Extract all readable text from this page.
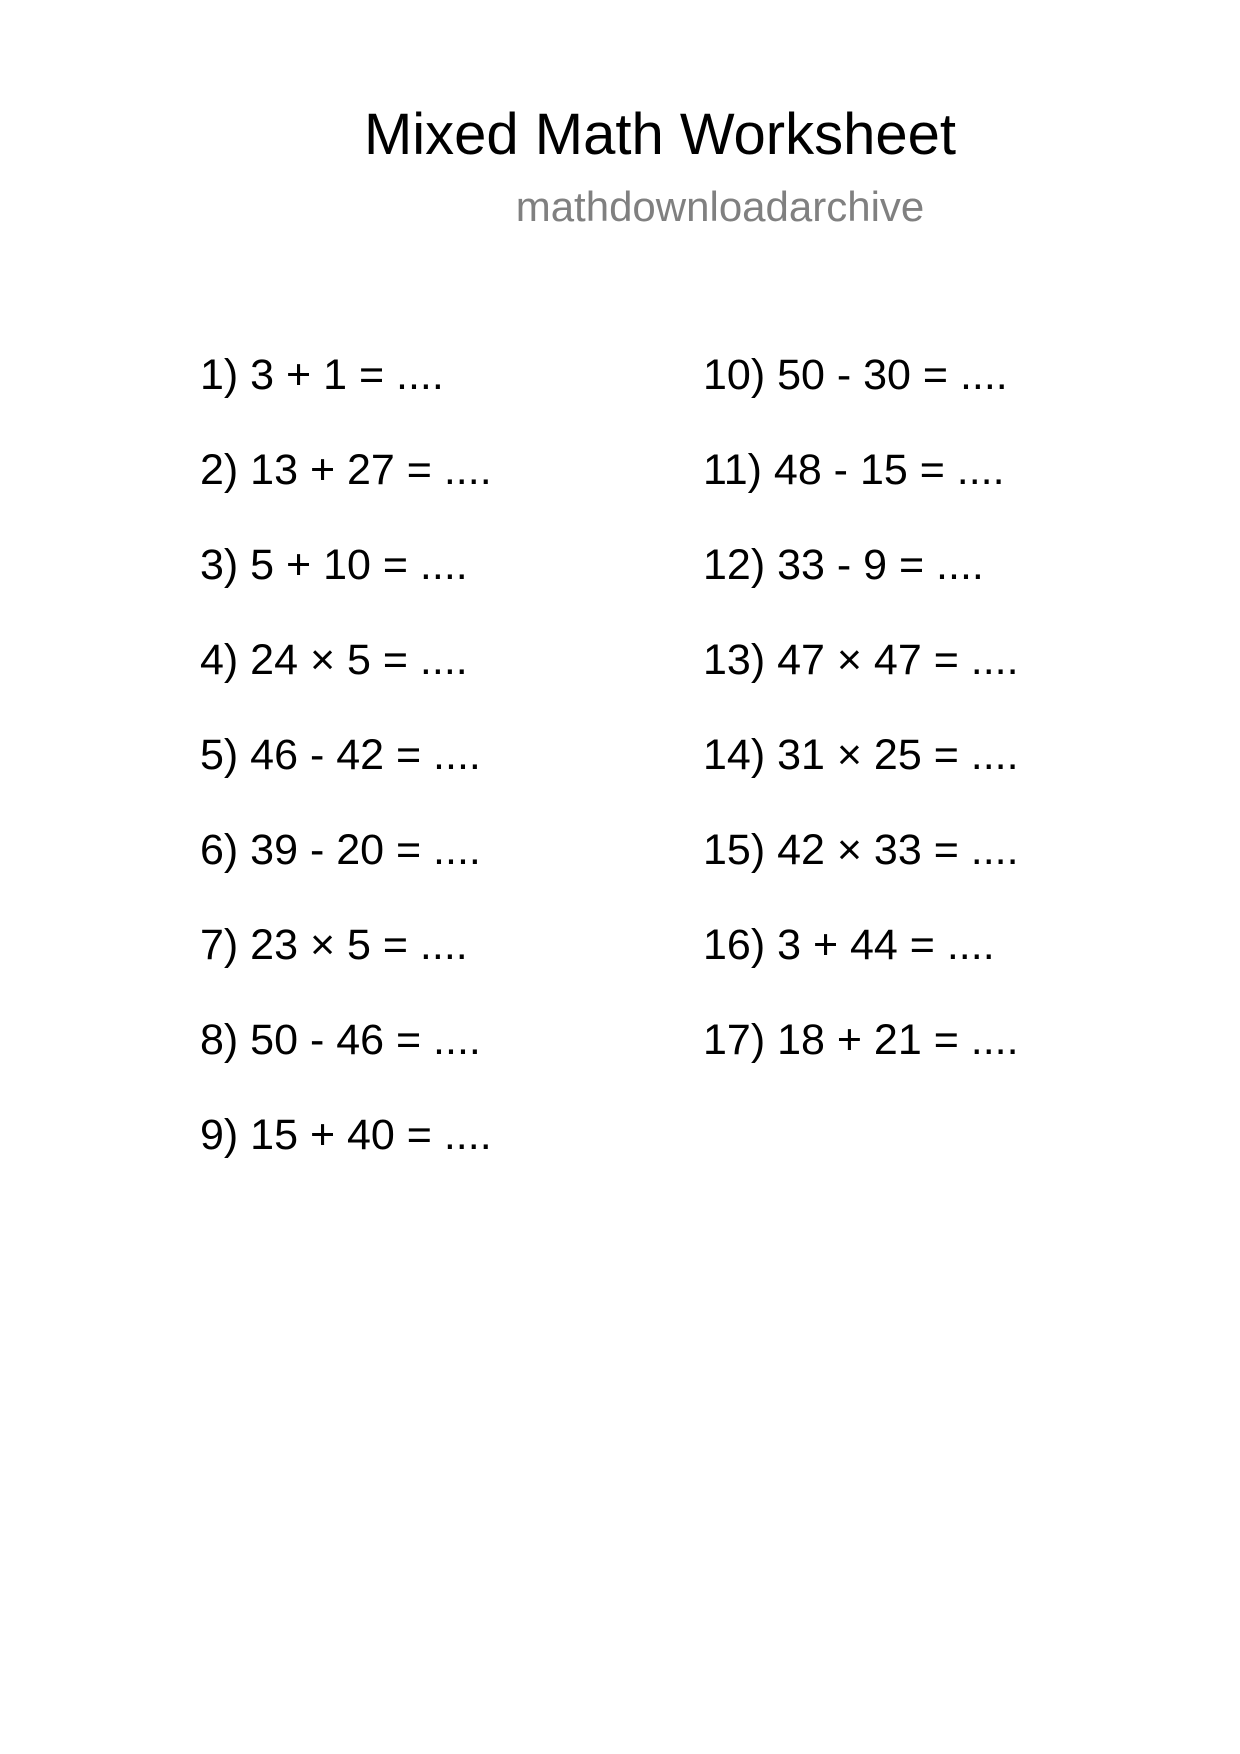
Mixed Math Worksheet
mathdownloadarchive
1) 3 + 1 = ....
2) 13 + 27 = ....
3) 5 + 10 = ....
4) 24 × 5 = ....
5) 46 - 42 = ....
6) 39 - 20 = ....
7) 23 × 5 = ....
8) 50 - 46 = ....
9) 15 + 40 = ....
10) 50 - 30 = ....
11) 48 - 15 = ....
12) 33 - 9 = ....
13) 47 × 47 = ....
14) 31 × 25 = ....
15) 42 × 33 = ....
16) 3 + 44 = ....
17) 18 + 21 = ....
